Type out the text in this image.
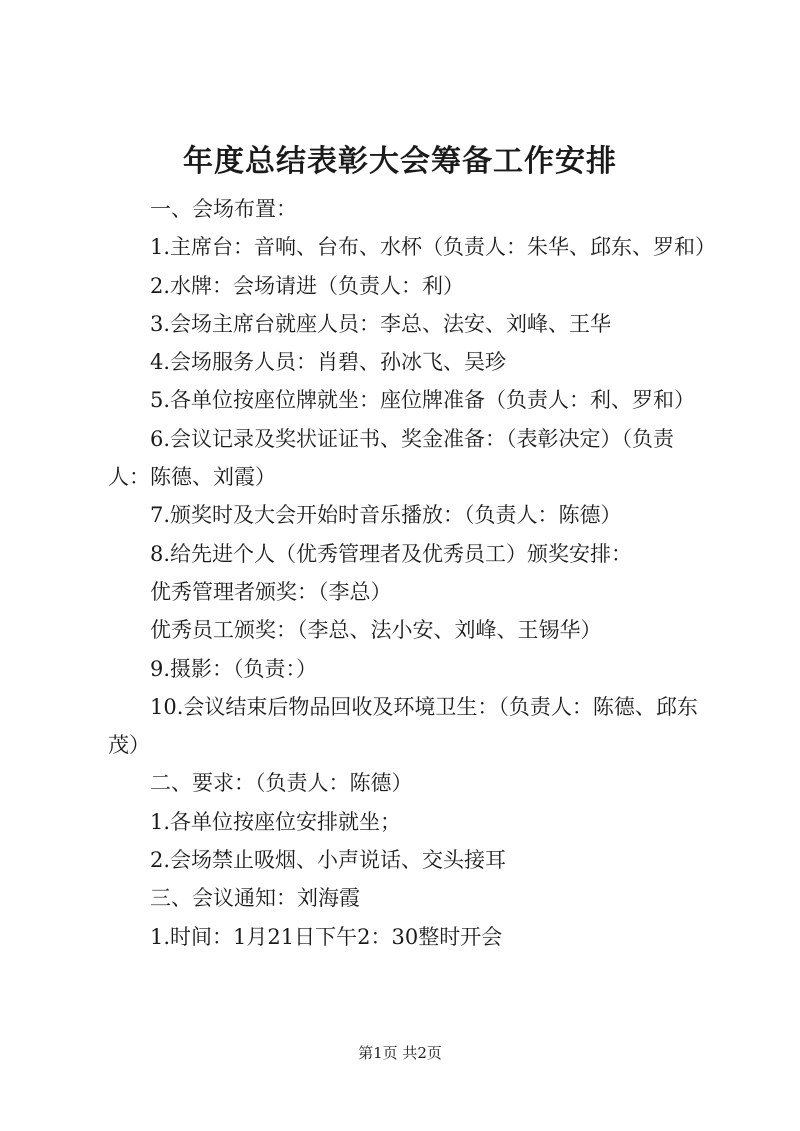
年度总结表彰大会筹备工作安排

一、会场布置：

1.主席台：音响、台布、水杯（负责人：朱华、邱东、罗和）

2.水牌：会场请进（负责人：利）

3.会场主席台就座人员：李总、法安、刘峰、王华

4.会场服务人员：肖碧、孙冰飞、吴珍

5.各单位按座位牌就坐：座位牌准备（负责人：利、罗和）

6.会议记录及奖状证证书、奖金准备：（表彰决定）（负责人：陈德、刘霞）

7.颁奖时及大会开始时音乐播放：（负责人：陈德）

8.给先进个人（优秀管理者及优秀员工）颁奖安排：

优秀管理者颁奖：（李总）

优秀员工颁奖：（李总、法小安、刘峰、王锡华）

9.摄影：（负责：）

10.会议结束后物品回收及环境卫生：（负责人：陈德、邱东茂）

二、要求：（负责人：陈德）

1.各单位按座位安排就坐；

2.会场禁止吸烟、小声说话、交头接耳

三、会议通知：刘海霞

1.时间：1月21日下午2：30整时开会

第1页 共2页
